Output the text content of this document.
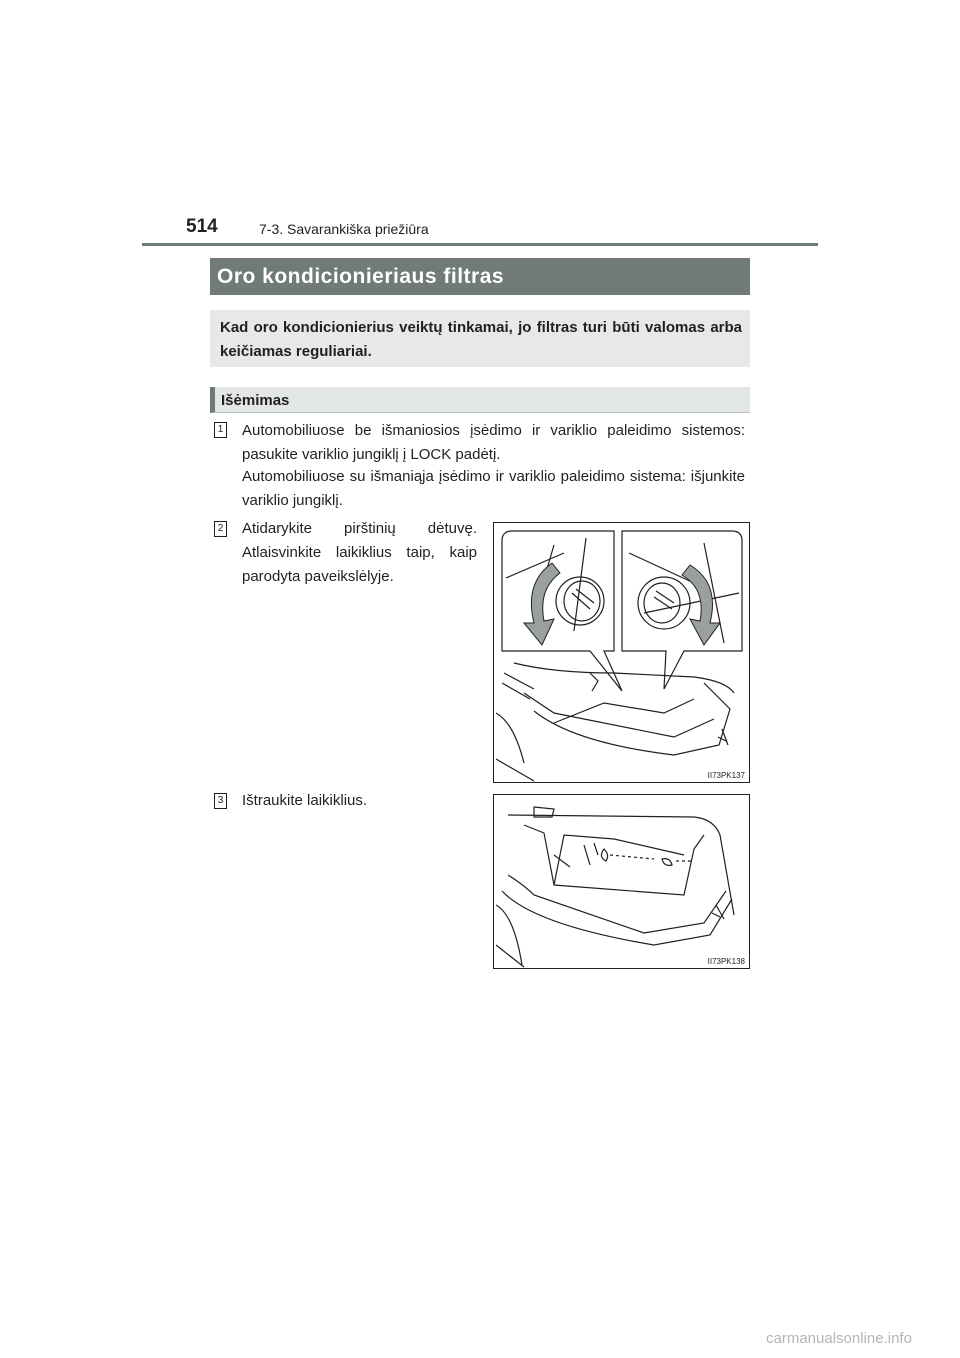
514	7-3. Savarankiška priežiūra
Oro kondicionieriaus filtras
Kad oro kondicionierius veiktų tinkamai, jo filtras turi būti valomas arba keičiamas reguliariai.
Išėmimas
1 Automobiliuose be išmaniosios įsėdimo ir variklio paleidimo sistemos: pasukite variklio jungiklį į LOCK padėtį.
Automobiliuose su išmaniąja įsėdimo ir variklio paleidimo sistema: išjunkite variklio jungiklį.
2 Atidarykite pirštinių dėtuvę. Atlaisvinkite laikiklius taip, kaip parodyta paveikslėlyje.
II73PK137
3 Ištraukite laikiklius.
II73PK138
carmanualsonline.info
